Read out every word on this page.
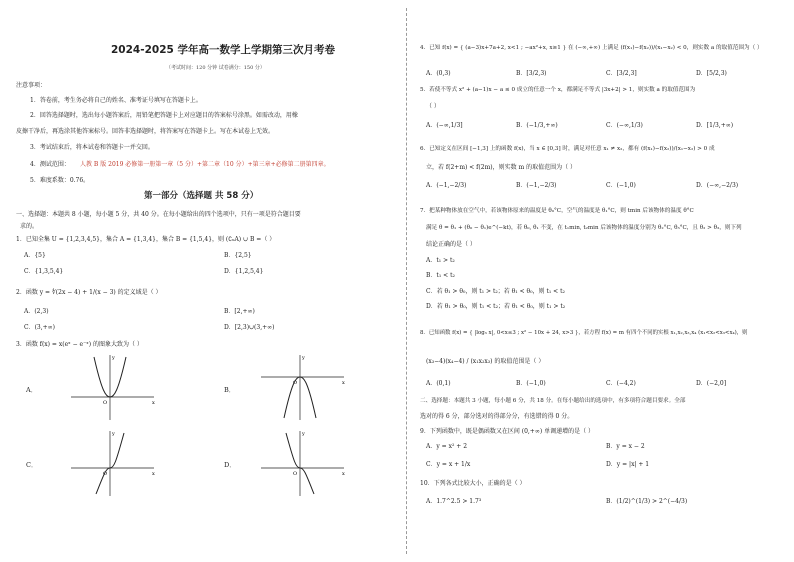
2024-2025 学年高一数学上学期第三次月考卷
（考试时间：120 分钟 试卷满分：150 分）
注意事项：
1．答卷前，考生务必将自己的姓名、准考证号填写在答题卡上。
2．回答选择题时，选出每小题答案后，用铅笔把答题卡上对应题目的答案标号涂黑。如需改动，用橡
皮擦干净后，再选涂其他答案标号。回答非选择题时，将答案写在答题卡上。写在本试卷上无效。
3．考试结束后，将本试卷和答题卡一并交回。
4．测试范围： 人教 B 版 2019 必修第一册第一章（5 分）+第二章（10 分）+第三章+必修第二册第四章。
5．难度系数：0.76。
第一部分（选择题 共 58 分）
一、选择题：本题共 8 小题，每小题 5 分，共 40 分。在每小题给出的四个选项中，只有一项是符合题目要
求的。
1．已知全集 U = {1,2,3,4,5}，集合 A = {1,3,4}，集合 B = {1,5,4}，则 (∁ᵤA) ∪ B =（ ）
A．{5}	B．{2,5}
C．{1,3,5,4}	D．{1,2,5,4}
2．函数 y = ∜(2x − 4) + 1/(x − 3) 的定义域是（ ）
A．(2,3)	B．[2,+∞)
C．(3,+∞)	D．[2,3)∪(3,+∞)
3．函数 f(x) = x(eˣ − e⁻ˣ) 的图象大致为（ ）
A．
x
y
O
B．
x
y
O
C．
x
y
O
D．
x
y
O
4．已知 f(x) = { (a−3)x+7a+2, x<1 ; −ax²+x, x≥1 } 在 (−∞,+∞) 上满足 (f(x₁)−f(x₂))/(x₁−x₂) < 0，则实数 a 的取值范围为（ ）
A．(0,3)	B．[3/2,3)	C．[3/2,3]	D．[5/2,3)
5．若使不等式 x² + (a−1)x − a ≤ 0 成立的任意一个 x，都满足不等式 |3x+2| > 1，则实数 a 的取值范围为
（ ）
A．(−∞,1/3]	B．(−1/3,+∞)	C．(−∞,1/3)	D．[1/3,+∞)
6．已知定义在区间 [−1,3] 上的函数 f(x)，当 x ∈ [0,3] 时，满足对任意 x₁ ≠ x₂，都有 (f(x₁)−f(x₂))/(x₁−x₂) > 0 成
立，若 f(2+m) < f(2m)，则实数 m 的取值范围为（ ）
A．(−1,−2/3)	B．(−1,−2/3)	C．(−1,0)	D．(−∞,−2/3)
7．把某种物体放在空气中，若该物体原来的温度是 θ₀°C，空气的温度是 θ₁°C，则 tmin 后该物体的温度 θ°C
满足 θ = θ₁ + (θ₀ − θ₁)e^(−kt)，若 θ₀, θ₁ 不变，在 t₁min, t₂min 后该物体的温度分别为 θ₂°C, θ₃°C，且 θ₂ > θ₃，则下列
结论正确的是（ ）
A．t₁ > t₂
B．t₁ < t₂
C．若 θ₁ > θ₀，则 t₁ > t₂；若 θ₁ < θ₀，则 t₁ < t₂
D．若 θ₁ > θ₀，则 t₁ < t₂；若 θ₁ < θ₀，则 t₁ > t₂
8．已知函数 f(x) = { |log₃ x|, 0<x≤3 ; x² − 10x + 24, x>3 }，若方程 f(x) = m 有四个不同的实根 x₁,x₂,x₃,x₄ (x₁<x₂<x₃<x₄)，则
(x₃−4)(x₄−4) / (x₁x₂x₃) 的取值范围是（ ）
A．(0,1)	B．(−1,0)	C．(−4,2)	D．(−2,0]
二、选择题：本题共 3 小题，每小题 6 分，共 18 分。在每小题给出的选项中，有多项符合题目要求。全部
选对的得 6 分，部分选对的得部分分，有选错的得 0 分。
9．下列函数中，既是偶函数又在区间 (0,+∞) 单调递增的是（ ）
A．y = x² + 2	B．y = x − 2
C．y = x + 1/x	D．y = |x| + 1
10．下列各式比较大小，正确的是（ ）
A．1.7^2.5 > 1.7³	B．(1/2)^(1/3) > 2^(−4/3)
